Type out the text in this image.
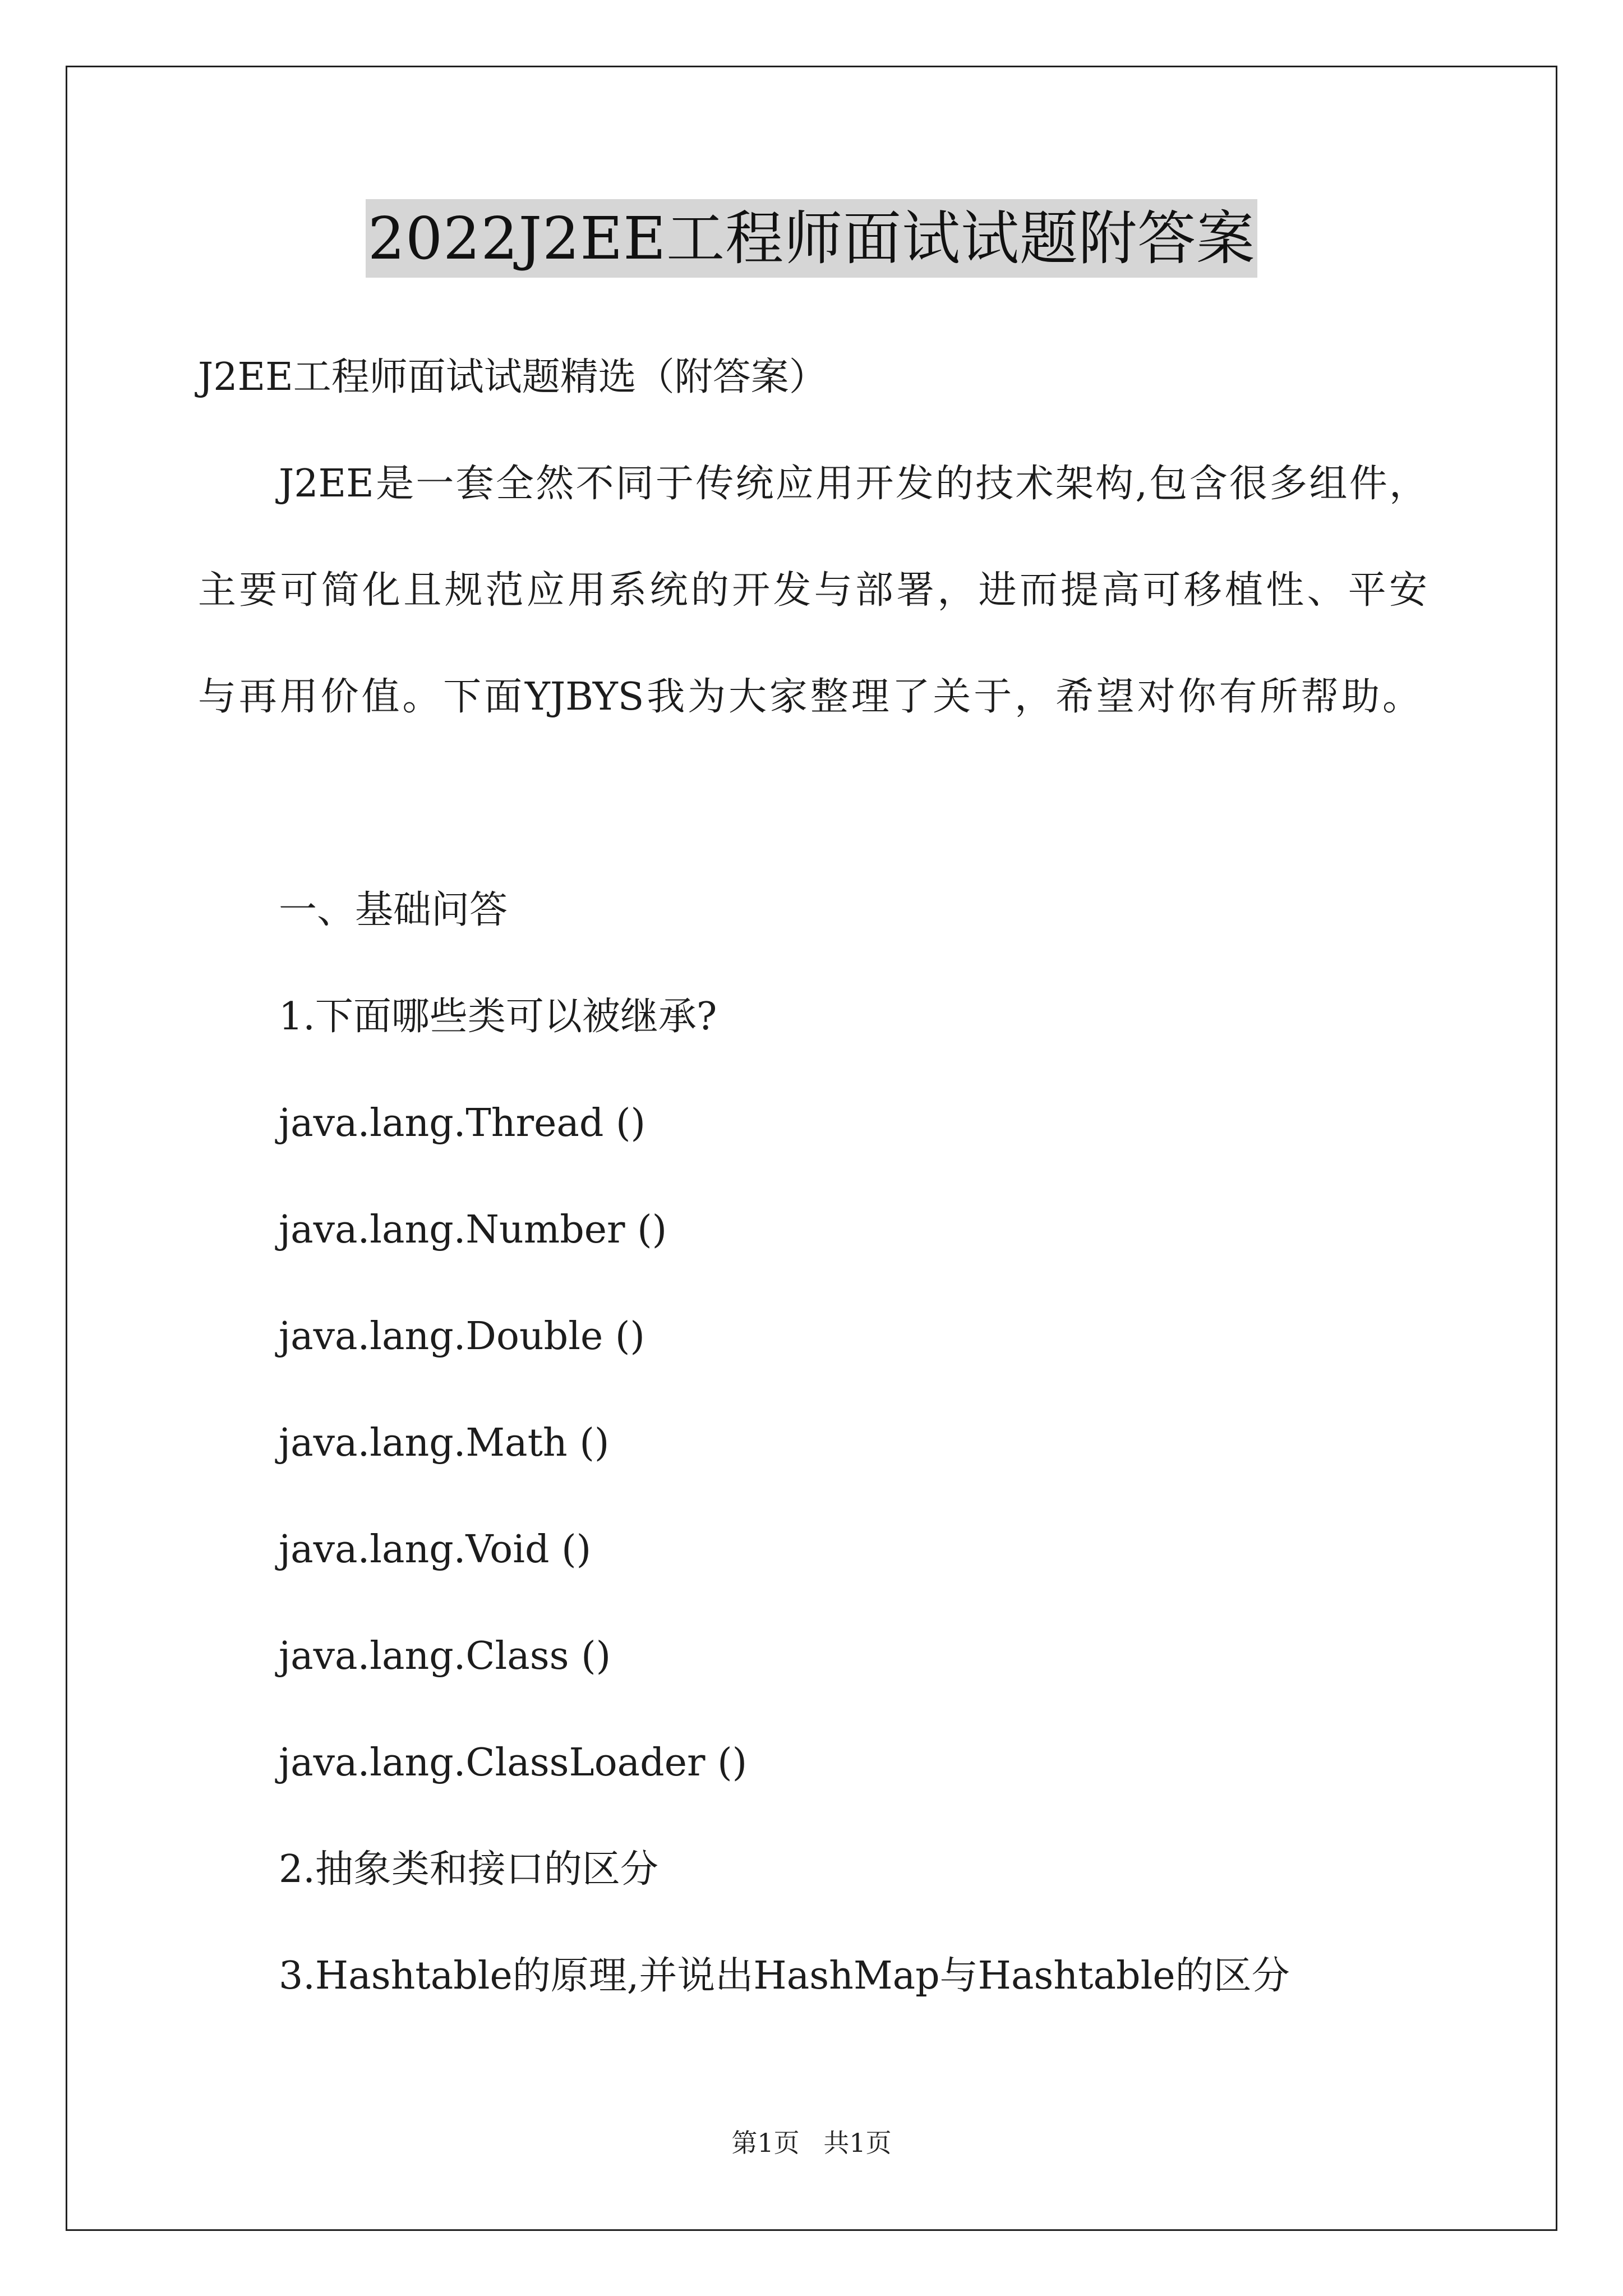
2022J2EE工程师面试试题附答案
J2EE工程师面试试题精选（附答案）
J2EE是一套全然不同于传统应用开发的技术架构,包含很多组件，
主要可简化且规范应用系统的开发与部署，进而提高可移植性、平安
与再用价值。下面YJBYS我为大家整理了关于，希望对你有所帮助。
一、基础问答
1.下面哪些类可以被继承?
java.lang.Thread ()
java.lang.Number ()
java.lang.Double ()
java.lang.Math ()
java.lang.Void ()
java.lang.Class ()
java.lang.ClassLoader ()
2.抽象类和接口的区分
3.Hashtable的原理,并说出HashMap与Hashtable的区分
第1页 共1页
